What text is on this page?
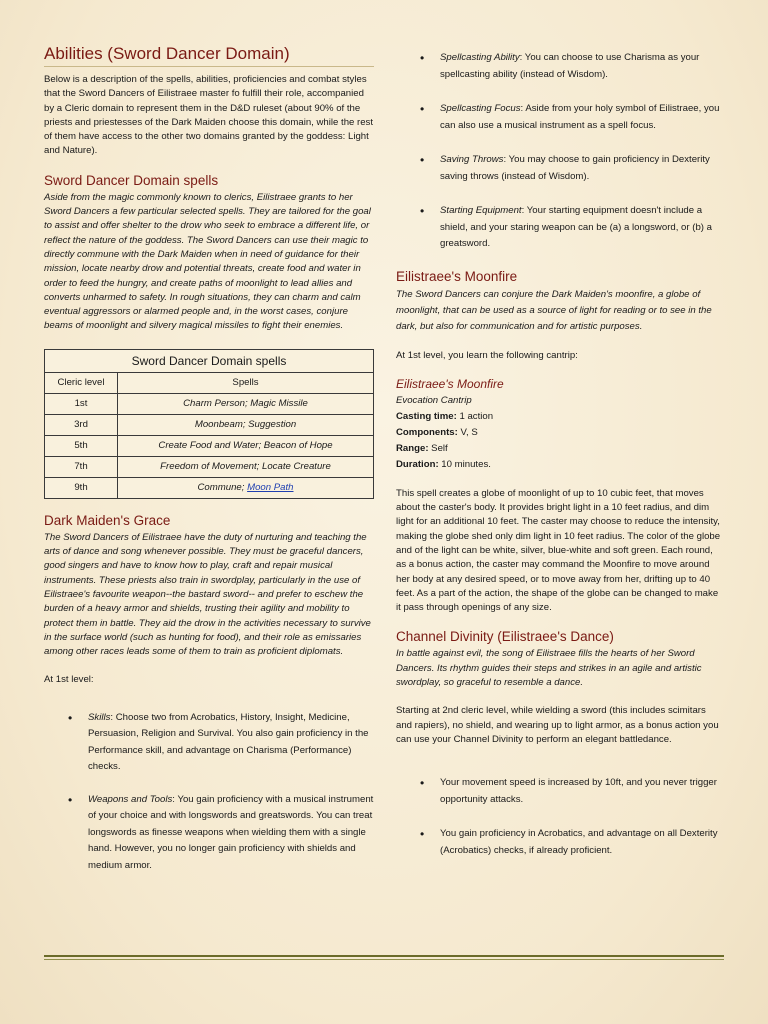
Abilities (Sword Dancer Domain)

Below is a description of the spells, abilities, proficiencies and combat styles that the Sword Dancers of Eilistraee master fo fulfill their role, accompanied by a Cleric domain to represent them in the D&D ruleset (about 90% of the priests and priestesses of the Dark Maiden choose this domain, while the rest of them have access to the other two domains granted by the goddess: Light and Nature).

Sword Dancer Domain spells

Aside from the magic commonly known to clerics, Eilistraee grants to her Sword Dancers a few particular selected spells. They are tailored for the goal to assist and offer shelter to the drow who seek to embrace a different life, or reflect the nature of the goddess. The Sword Dancers can use their magic to directly commune with the Dark Maiden when in need of guidance for their mission, locate nearby drow and potential threats, create food and water in order to feed the hungry, and create paths of moonlight to lead allies and converts unharmed to safety. In rough situations, they can charm and calm eventual aggressors or alarmed people and, in the worst cases, conjure beams of moonlight and silvery magical missiles to fight their enemies.

Sword Dancer Domain spells
Cleric level	Spells
1st	Charm Person; Magic Missile
3rd	Moonbeam; Suggestion
5th	Create Food and Water; Beacon of Hope
7th	Freedom of Movement; Locate Creature
9th	Commune; Moon Path
Dark Maiden's Grace

The Sword Dancers of Eilistraee have the duty of nurturing and teaching the arts of dance and song whenever possible. They must be graceful dancers, good singers and have to know how to play, craft and repair musical instruments. These priests also train in swordplay, particularly in the use of Eilistraee's favourite weapon--the bastard sword-- and prefer to eschew the burden of a heavy armor and shields, trusting their agility and mobility to protect them in battle. They aid the drow in the activities necessary to survive in the surface world (such as hunting for food), and their role as emissaries among other races leads some of them to train as proficient diplomats.

At 1st level:

• Skills: Choose two from Acrobatics, History, Insight, Medicine, Persuasion, Religion and Survival. You also gain proficiency in the Performance skill, and advantage on Charisma (Performance) checks.
• Weapons and Tools: You gain proficiency with a musical instrument of your choice and with longswords and greatswords. You can treat longswords as finesse weapons when wielding them with a single hand. However, you no longer gain proficiency with shields and medium armor.
• Spellcasting Ability: You can choose to use Charisma as your spellcasting ability (instead of Wisdom).
• Spellcasting Focus: Aside from your holy symbol of Eilistraee, you can also use a musical instrument as a spell focus.
• Saving Throws: You may choose to gain proficiency in Dexterity saving throws (instead of Wisdom).
• Starting Equipment: Your starting equipment doesn't include a shield, and your staring weapon can be (a) a longsword, or (b) a greatsword.
Eilistraee's Moonfire

The Sword Dancers can conjure the Dark Maiden's moonfire, a globe of moonlight, that can be used as a source of light for reading or to see in the dark, but also for communication and for artistic purposes.

At 1st level, you learn the following cantrip:

Eilistraee's Moonfire

Evocation Cantrip

Casting time: 1 action

Components: V, S

Range: Self

Duration: 10 minutes.

This spell creates a globe of moonlight of up to 10 cubic feet, that moves about the caster's body. It provides bright light in a 10 feet radius, and dim light for an additional 10 feet. The caster may choose to reduce the intensity, making the globe shed only dim light in 10 feet radius. The color of the globe and of the light can be white, silver, blue-white and soft green. Each round, as a bonus action, the caster may command the Moonfire to move around her body at any desired speed, or to move away from her, drifting up to 40 feet. As a part of the action, the shape of the globe can be changed to make it pass through openings of any size.

Channel Divinity (Eilistraee's Dance)

In battle against evil, the song of Eilistraee fills the hearts of her Sword Dancers. Its rhythm guides their steps and strikes in an agile and artistic swordplay, so graceful to resemble a dance.

Starting at 2nd cleric level, while wielding a sword (this includes scimitars and rapiers), no shield, and wearing up to light armor, as a bonus action you can use your Channel Divinity to perform an elegant battledance.

• Your movement speed is increased by 10ft, and you never trigger opportunity attacks.
• You gain proficiency in Acrobatics, and advantage on all Dexterity (Acrobatics) checks, if already proficient.
